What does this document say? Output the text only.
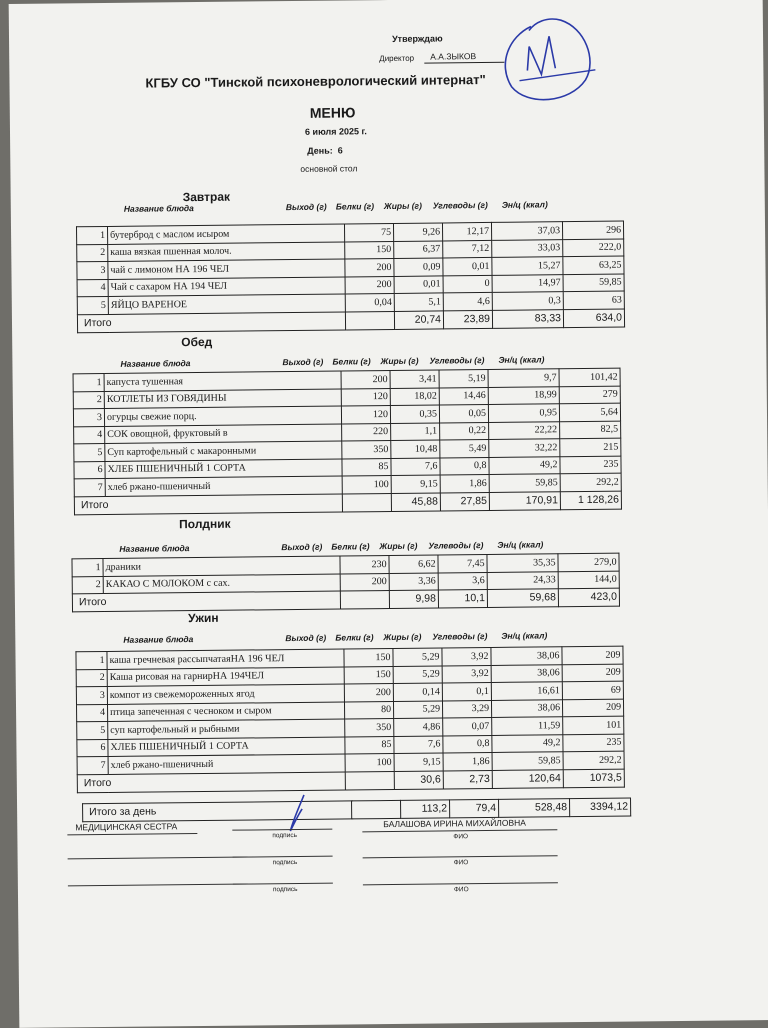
Утверждаю
Директор А.А.ЗЫКОВ
КГБУ СО "Тинской психоневрологический интернат"
МЕНЮ
6 июля 2025 г.
День: 6
основной стол
Завтрак
Название блюда	Выход (г) Белки (г) Жиры (г) Углеводы (г) Эн/ц (ккал)
1	бутерброд с маслом исыром	75	9,26	12,17	37,03	296
2	каша вязкая пшенная молоч.	150	6,37	7,12	33,03	222,0
3	чай с лимоном НА 196 ЧЕЛ	200	0,09	0,01	15,27	63,25
4	Чай с сахаром НА 194 ЧЕЛ	200	0,01	0	14,97	59,85
5	ЯЙЦО ВАРЕНОЕ	0,04	5,1	4,6	0,3	63
Итого			20,74	23,89	83,33	634,0
Обед
Название блюда	Выход (г) Белки (г) Жиры (г) Углеводы (г) Эн/ц (ккал)
1	капуста тушенная	200	3,41	5,19	9,7	101,42
2	КОТЛЕТЫ ИЗ ГОВЯДИНЫ	120	18,02	14,46	18,99	279
3	огурцы свежие порц.	120	0,35	0,05	0,95	5,64
4	СОК овощной, фруктовый в	220	1,1	0,22	22,22	82,5
5	Суп картофельный с макаронными	350	10,48	5,49	32,22	215
6	ХЛЕБ ПШЕНИЧНЫЙ 1 СОРТА	85	7,6	0,8	49,2	235
7	хлеб ржано-пшеничный	100	9,15	1,86	59,85	292,2
Итого			45,88	27,85	170,91	1 128,26
Полдник
Название блюда	Выход (г) Белки (г) Жиры (г) Углеводы (г) Эн/ц (ккал)
1	драники	230	6,62	7,45	35,35	279,0
2	КАКАО С МОЛОКОМ с сах.	200	3,36	3,6	24,33	144,0
Итого			9,98	10,1	59,68	423,0
Ужин
Название блюда	Выход (г) Белки (г) Жиры (г) Углеводы (г) Эн/ц (ккал)
1	каша гречневая рассыпчатаяНА 196 ЧЕЛ	150	5,29	3,92	38,06	209
2	Каша рисовая на гарнирНА 194ЧЕЛ	150	5,29	3,92	38,06	209
3	компот из свежемороженных ягод	200	0,14	0,1	16,61	69
4	птица запеченная с чесноком и сыром	80	5,29	3,29	38,06	209
5	суп картофельный и рыбными	350	4,86	0,07	11,59	101
6	ХЛЕБ ПШЕНИЧНЫЙ 1 СОРТА	85	7,6	0,8	49,2	235
7	хлеб ржано-пшеничный	100	9,15	1,86	59,85	292,2
Итого			30,6	2,73	120,64	1073,5
Итого за день		113,2	79,4	528,48	3394,12
МЕДИЦИНСКАЯ СЕСТРА	БАЛАШОВА ИРИНА МИХАЙЛОВНА
подпись	ФИО
подпись	ФИО
подпись	ФИО
